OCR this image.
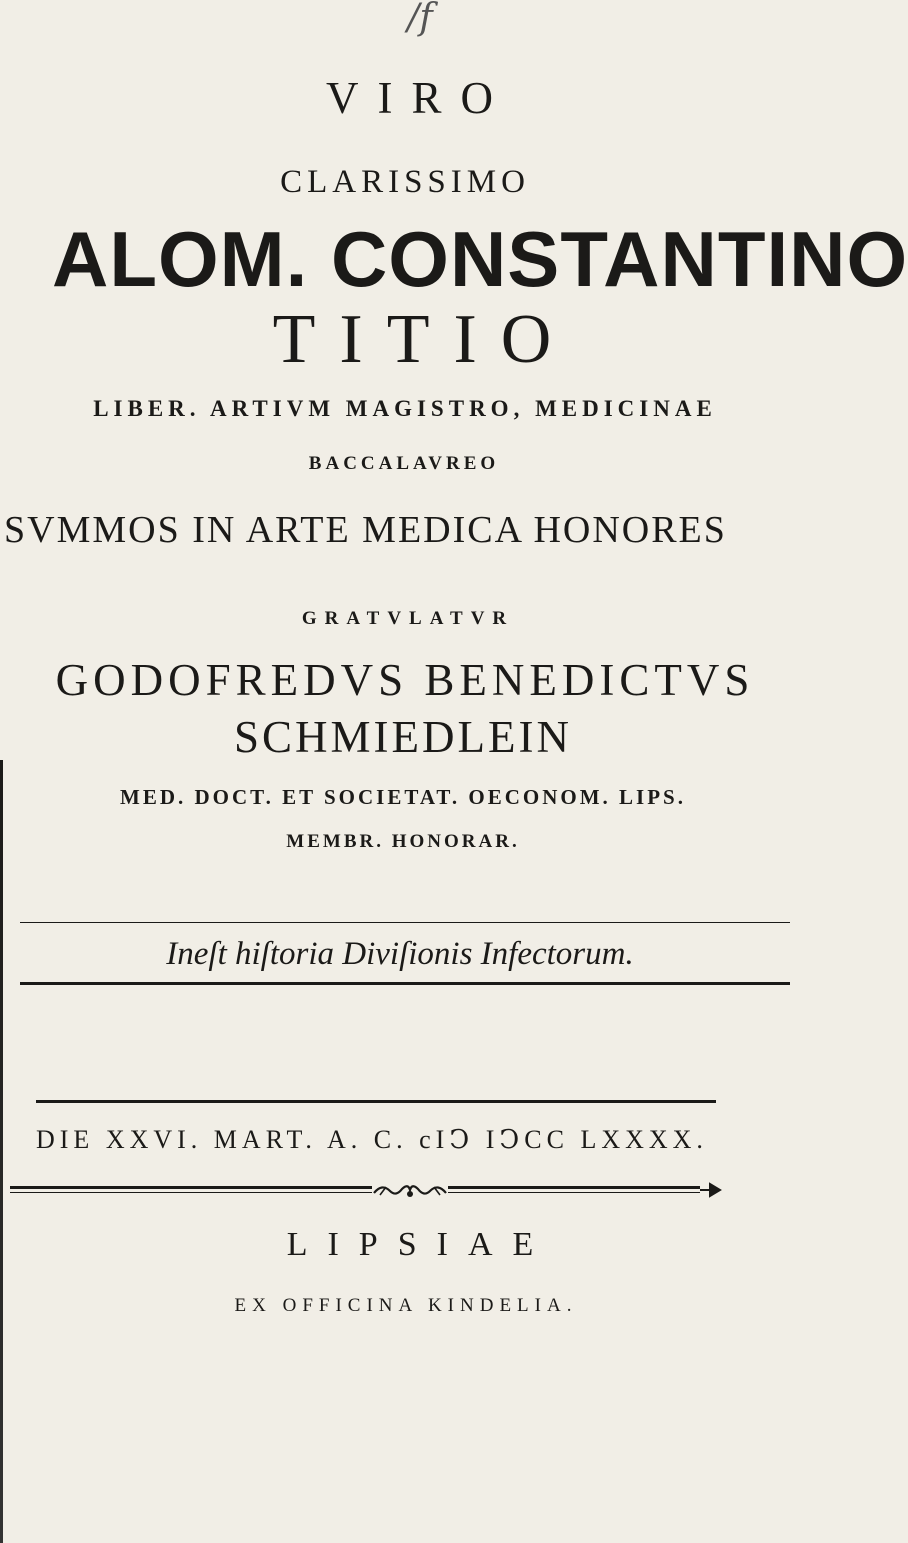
/f
VIRO
CLARISSIMO
ALOM. CONSTANTINO
TITIO
LIBER. ARTIVM MAGISTRO, MEDICINAE
BACCALAVREO
SVMMOS IN ARTE MEDICA HONORES
GRATVLATVR
GODOFREDVS BENEDICTVS
SCHMIEDLEIN
MED. DOCT. ET SOCIETAT. OECONOM. LIPS.
MEMBR. HONORAR.
Ineſt hiſtoria Diviſionis Infectorum.
DIE XXVI. MART. A. C. cIↃ IↃCC LXXXX.
LIPSIAE
EX OFFICINA KINDELIA.
